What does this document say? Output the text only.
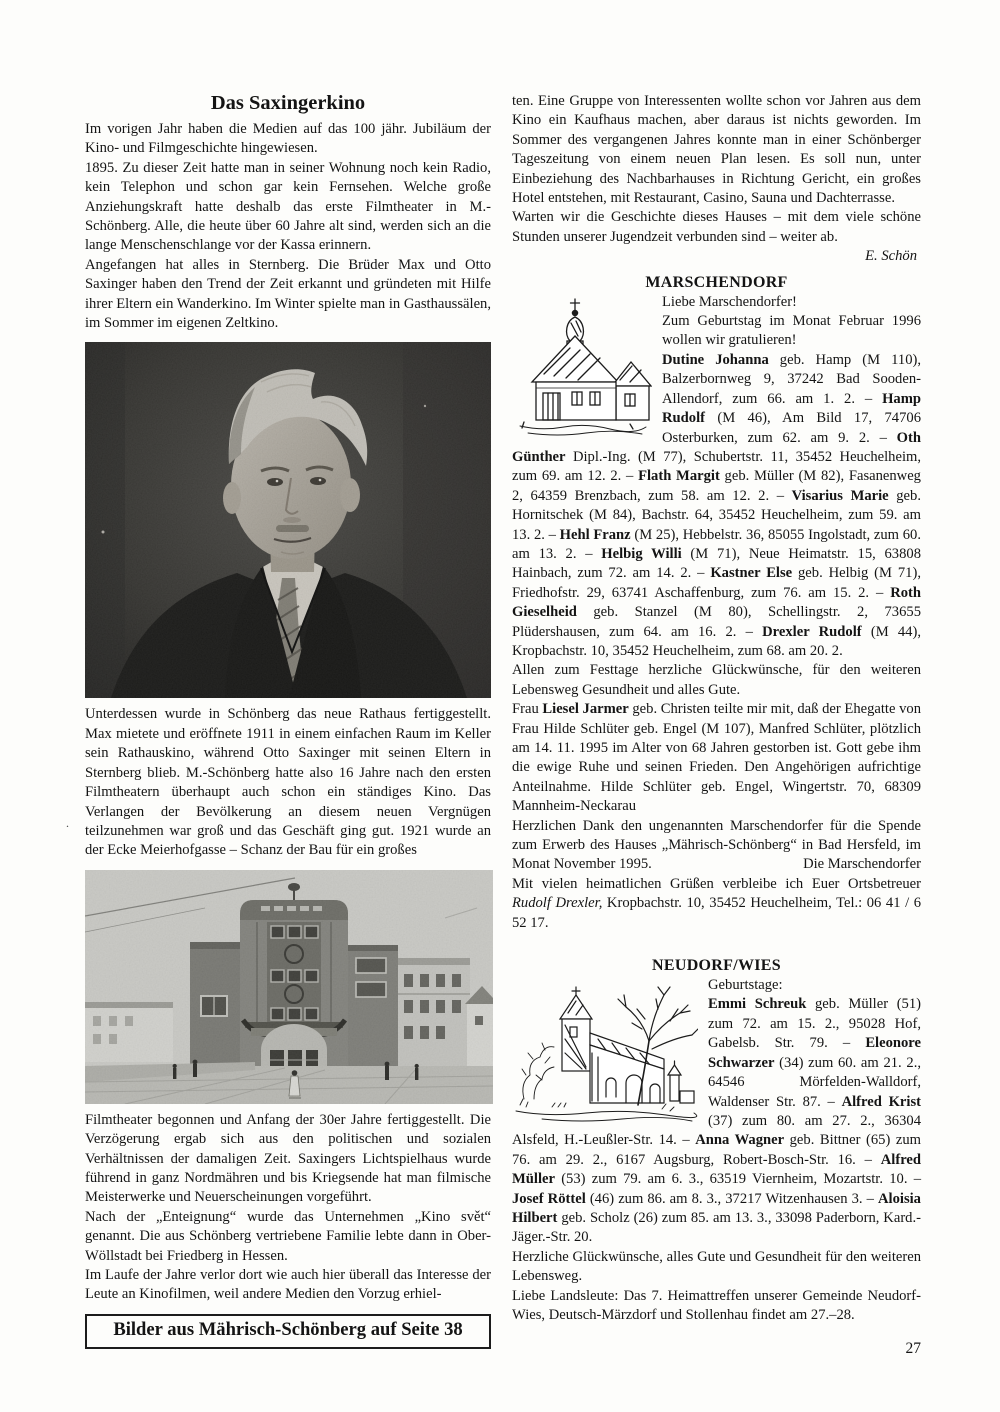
Das Saxingerkino

Im vorigen Jahr haben die Medien auf das 100 jähr. Jubiläum der Kino- und Filmgeschichte hingewiesen.

1895. Zu dieser Zeit hatte man in seiner Wohnung noch kein Radio, kein Telephon und schon gar kein Fernsehen. Welche große Anziehungskraft hatte deshalb das erste Filmtheater in M.-Schönberg. Alle, die heute über 60 Jahre alt sind, werden sich an die lange Menschenschlange vor der Kassa erinnern.

Angefangen hat alles in Sternberg. Die Brüder Max und Otto Saxinger haben den Trend der Zeit erkannt und gründeten mit Hilfe ihrer Eltern ein Wanderkino. Im Winter spielte man in Gasthaussälen, im Sommer im eigenen Zeltkino.

Unterdessen wurde in Schönberg das neue Rathaus fertiggestellt. Max mietete und eröffnete 1911 in einem einfachen Raum im Keller sein Rathauskino, während Otto Saxinger mit seinen Eltern in Sternberg blieb. M.-Schönberg hatte also 16 Jahre nach den ersten Filmtheatern überhaupt auch schon ein ständiges Kino. Das Verlangen der Bevölkerung an diesem neuen Vergnügen teilzunehmen war groß und das Geschäft ging gut. 1921 wurde an der Ecke Meierhofgasse – Schanz der Bau für ein großes

Filmtheater begonnen und Anfang der 30er Jahre fertiggestellt. Die Verzögerung ergab sich aus den politischen und sozialen Verhältnissen der damaligen Zeit. Saxingers Lichtspielhaus wurde führend in ganz Nordmähren und bis Kriegsende hat man filmische Meisterwerke und Neuerscheinungen vorgeführt.

Nach der „Enteignung“ wurde das Unternehmen „Kino svět“ genannt. Die aus Schönberg vertriebene Familie lebte dann in Ober-Wöllstadt bei Friedberg in Hessen.

Im Laufe der Jahre verlor dort wie auch hier überall das Interesse der Leute an Kinofilmen, weil andere Medien den Vorzug erhiel-

Bilder aus Mährisch-Schönberg auf Seite 38

ten. Eine Gruppe von Interessenten wollte schon vor Jahren aus dem Kino ein Kaufhaus machen, aber daraus ist nichts geworden. Im Sommer des vergangenen Jahres konnte man in einer Schönberger Tageszeitung von einem neuen Plan lesen. Es soll nun, unter Einbeziehung des Nachbarhauses in Richtung Gericht, ein großes Hotel entstehen, mit Restaurant, Casino, Sauna und Dachterrasse.

Warten wir die Geschichte dieses Hauses – mit dem viele schöne Stunden unserer Jugendzeit verbunden sind – weiter ab.

E. Schön
MARSCHENDORF
Liebe Marschendorfer!
Zum Geburtstag im Monat Februar 1996 wollen wir gratulieren!

Dutine Johanna geb. Hamp (M 110), Balzerbornweg 9, 37242 Bad Sooden-Allendorf, zum 66. am 1. 2. – Hamp Rudolf (M 46), Am Bild 17, 74706 Osterburken, zum 62. am 9. 2. – Oth Günther Dipl.-Ing. (M 77), Schubertstr. 11, 35452 Heuchelheim, zum 69. am 12. 2. – Flath Margit geb. Müller (M 82), Fasanenweg 2, 64359 Brenzbach, zum 58. am 12. 2. – Visarius Marie geb. Hornitschek (M 84), Bachstr. 64, 35452 Heuchelheim, zum 59. am 13. 2. – Hehl Franz (M 25), Hebbelstr. 36, 85055 Ingolstadt, zum 60. am 13. 2. – Helbig Willi (M 71), Neue Heimatstr. 15, 63808 Hainbach, zum 72. am 14. 2. – Kastner Else geb. Helbig (M 71), Friedhofstr. 29, 63741 Aschaffenburg, zum 76. am 15. 2. – Roth Gieselheid geb. Stanzel (M 80), Schellingstr. 2, 73655 Plüdershausen, zum 64. am 16. 2. – Drexler Rudolf (M 44), Kropbachstr. 10, 35452 Heuchelheim, zum 68. am 20. 2.

Allen zum Festtage herzliche Glückwünsche, für den weiteren Lebensweg Gesundheit und alles Gute.

Frau Liesel Jarmer geb. Christen teilte mir mit, daß der Ehegatte von Frau Hilde Schlüter geb. Engel (M 107), Manfred Schlüter, plötzlich am 14. 11. 1995 im Alter von 68 Jahren gestorben ist. Gott gebe ihm die ewige Ruhe und seinen Frieden. Den Angehörigen aufrichtige Anteilnahme. Hilde Schlüter geb. Engel, Wingertstr. 70, 68309 Mannheim-Neckarau

Herzlichen Dank den ungenannten Marschendorfer für die Spende zum Erwerb des Hauses „Mährisch-Schönberg“ in Bad Hersfeld, im Monat November 1995.	Die Marschendorfer

Mit vielen heimatlichen Grüßen verbleibe ich Euer Ortsbetreuer Rudolf Drexler, Kropbachstr. 10, 35452 Heuchelheim, Tel.: 06 41 / 6 52 17.

NEUDORF/WIES
Geburtstage:

Emmi Schreuk geb. Müller (51) zum 72. am 15. 2., 95028 Hof, Gabelsb. Str. 79. – Eleonore Schwarzer (34) zum 60. am 21. 2., 64546 Mörfelden-Walldorf, Waldenser Str. 87. – Alfred Krist (37) zum 80. am 27. 2., 36304 Alsfeld, H.-Leußler-Str. 14. – Anna Wagner geb. Bittner (65) zum 76. am 29. 2., 6167 Augsburg, Robert-Bosch-Str. 16. – Alfred Müller (53) zum 79. am 6. 3., 63519 Viernheim, Mozartstr. 10. – Josef Röttel (46) zum 86. am 8. 3., 37217 Witzenhausen 3. – Aloisia Hilbert geb. Scholz (26) zum 85. am 13. 3., 33098 Paderborn, Kard.-Jäger.-Str. 20.

Herzliche Glückwünsche, alles Gute und Gesundheit für den weiteren Lebensweg.

Liebe Landsleute: Das 7. Heimattreffen unserer Gemeinde Neudorf-Wies, Deutsch-Märzdorf und Stollenhau findet am 27.–28.

27
.
